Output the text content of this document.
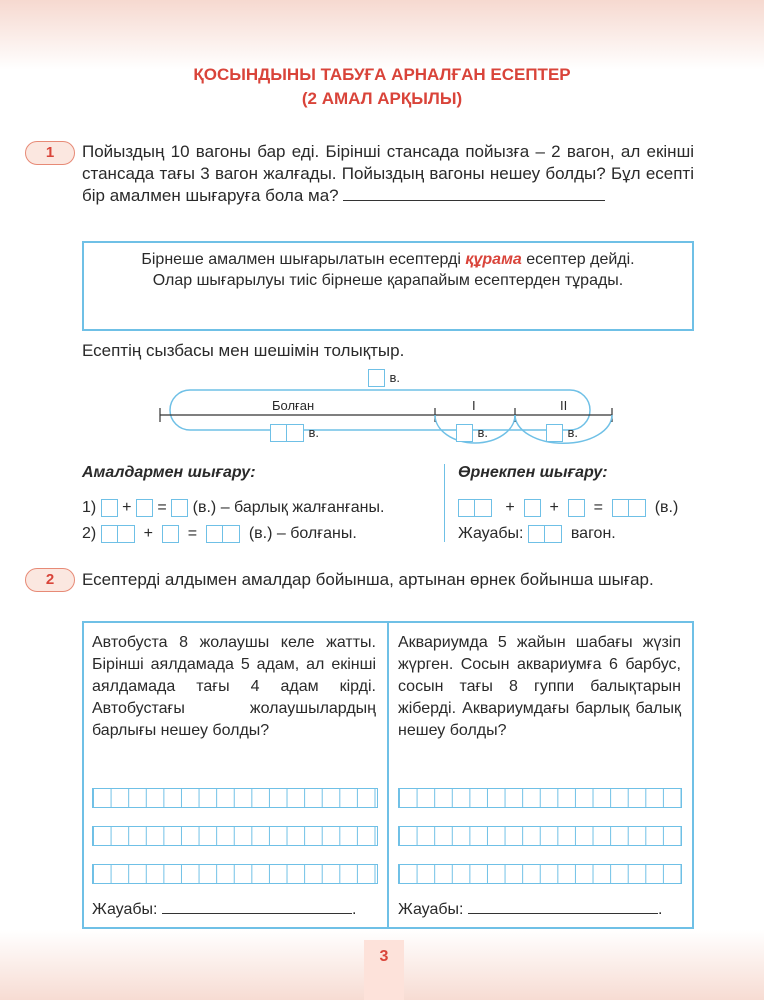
ҚОСЫНДЫНЫ ТАБУҒА АРНАЛҒАН ЕСЕПТЕР
(2 АМАЛ АРҚЫЛЫ)
1	Пойыздың 10 вагоны бар еді. Бірінші стансада пойызға – 2 вагон, ал екінші стансада тағы 3 вагон жалғады. Пойыздың вагоны нешеу болды? Бұл есепті бір амалмен шығаруға бола ма?
Бірнеше амалмен шығарылатын есептерді құрама есептер дейді. Олар шығарылуы тиіс бірнеше қарапайым есептерден тұрады.
Есептің сызбасы мен шешімін толықтыр.
в.
Болған	І	ІІ
в.	в.	в.
Амалдармен шығару:
1) + = (в.) – барлық жалғанғаны.
2)	+ =	(в.) – болғаны.
Өрнекпен шығару:
+ + =	(в.)
Жауабы:	вагон.
2	Есептерді алдымен амалдар бойынша, артынан өрнек бойынша шығар.
Автобуста 8 жолаушы келе жатты. Бірінші аялдамада 5 адам, ал екінші аялдамада тағы 4 адам кірді. Автобустағы жолаушылардың барлығы нешеу болды?
Аквариумда 5 жайын шабағы жүзіп жүрген. Сосын аквариумға 6 барбус, сосын тағы 8 гуппи балықтарын жіберді. Аквариумдағы барлық балық нешеу болды?
Жауабы:	.	Жауабы:	.
3
